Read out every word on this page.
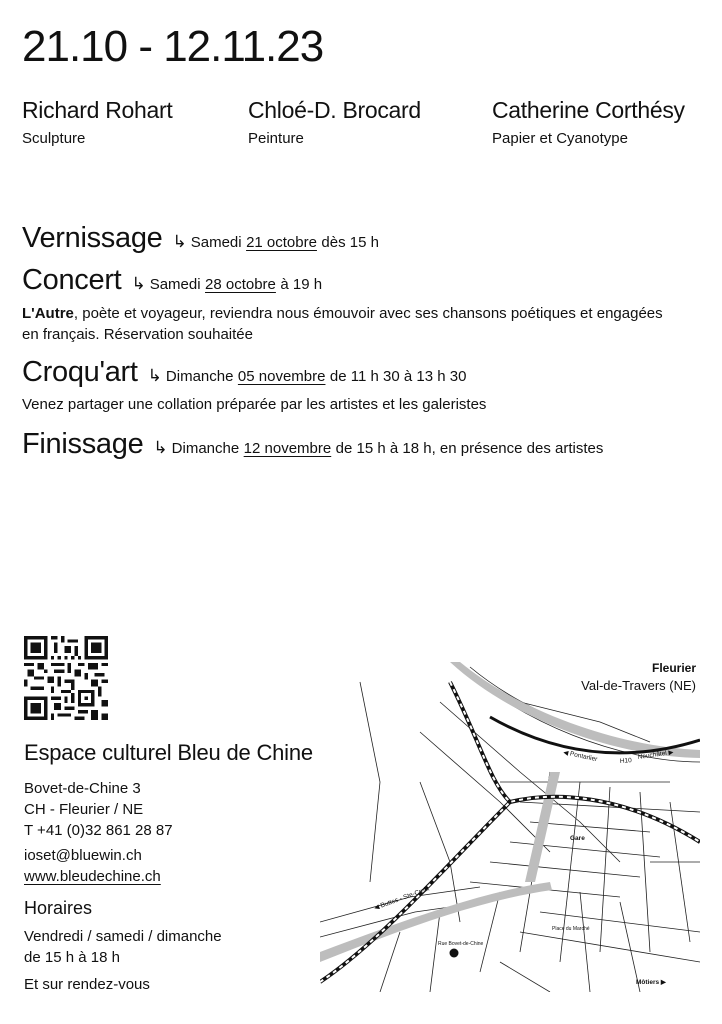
21.10 - 12.11.23
Richard Rohart
Sculpture
Chloé-D. Brocard
Peinture
Catherine Corthésy
Papier et Cyanotype
Vernissage ↳ Samedi 21 octobre dès 15 h
Concert ↳ Samedi 28 octobre à 19 h
L'Autre, poète et voyageur, reviendra nous émouvoir avec ses chansons poétiques et engagées
en français. Réservation souhaitée
Croqu'art ↳ Dimanche 05 novembre de 11 h 30 à 13 h 30
Venez partager une collation préparée par les artistes et les galeristes
Finissage ↳ Dimanche 12 novembre de 15 h à 18 h, en présence des artistes
Espace culturel Bleu de Chine
Bovet-de-Chine 3
CH - Fleurier / NE
T +41 (0)32 861 28 87
ioset@bluewin.ch
www.bleudechine.ch
Horaires
Vendredi / samedi / dimanche
de 15 h à 18 h
Et sur rendez-vous
Fleurier
Val-de-Travers (NE)
◀ Pontarlier	H10
Neuchâtel ▶
◀ Buttes - Ste-Croix
Gare
Môtiers ▶
Place du Marché
Rue Bovet-de-Chine
